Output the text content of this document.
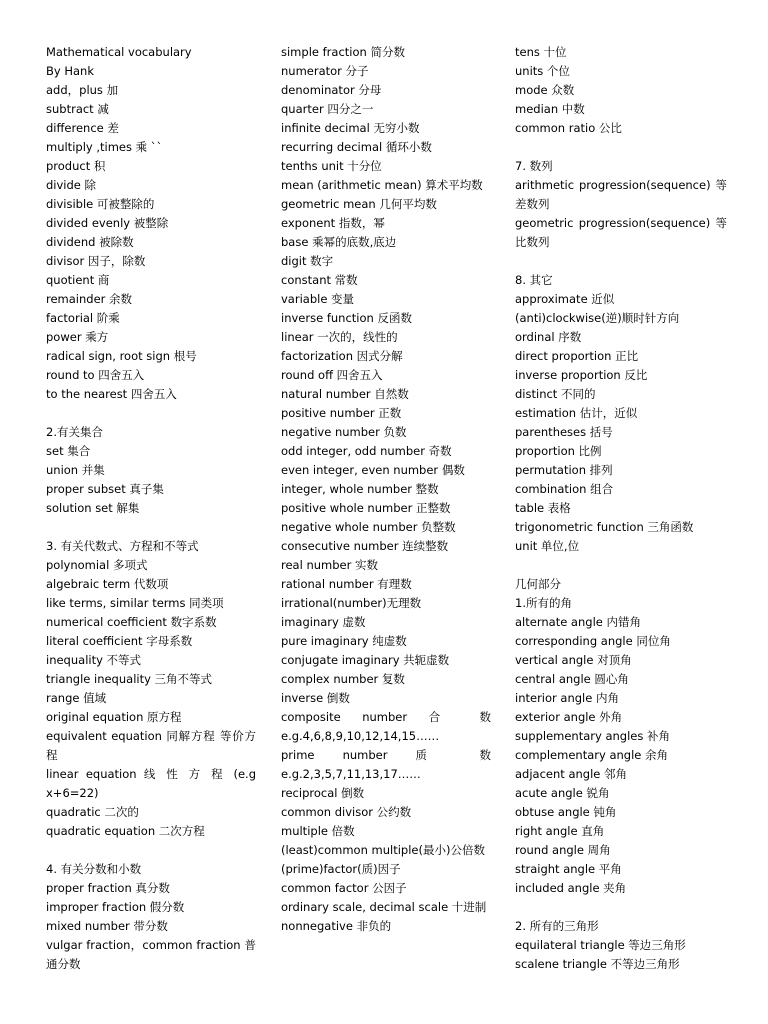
Mathematical vocabulary
By Hank
add，plus 加
subtract 减
difference 差
multiply ,times 乘 ``
product 积
divide 除
divisible 可被整除的
divided evenly 被整除
dividend 被除数
divisor 因子，除数
quotient 商
remainder 余数
factorial 阶乘
power 乘方
radical sign, root sign 根号
round to 四舍五入
to the nearest 四舍五入
2.有关集合
set 集合
union 并集
proper subset 真子集
solution set 解集
3. 有关代数式、方程和不等式
polynomial 多项式
algebraic term 代数项
like terms, similar terms 同类项
numerical coefficient 数字系数
literal coefficient 字母系数
inequality 不等式
triangle inequality 三角不等式
range 值域
original equation 原方程
equivalent equation 同解方程 等价方程
linear equation 线 性 方 程 (e.g x+6=22)
quadratic 二次的
quadratic equation 二次方程
4. 有关分数和小数
proper fraction 真分数
improper fraction 假分数
mixed number 带分数
vulgar fraction，common fraction 普通分数
simple fraction 简分数
numerator 分子
denominator 分母
quarter 四分之一
infinite decimal 无穷小数
recurring decimal 循环小数
tenths unit 十分位
mean (arithmetic mean) 算术平均数
geometric mean 几何平均数
exponent 指数，幂
base 乘幂的底数,底边
digit 数字
constant 常数
variable 变量
inverse function 反函数
linear 一次的，线性的
factorization 因式分解
round off 四舍五入
natural number 自然数
positive number 正数
negative number 负数
odd integer, odd number 奇数
even integer, even number 偶数
integer, whole number 整数
positive whole number 正整数
negative whole number 负整数
consecutive number 连续整数
real number 实数
rational number 有理数
irrational(number)无理数
imaginary 虚数
pure imaginary 纯虚数
conjugate imaginary 共轭虚数
complex number 复数
inverse 倒数
composite number 合 数 e.g.4,6,8,9,10,12,14,15……
prime number 质 数 e.g.2,3,5,7,11,13,17……
reciprocal 倒数
common divisor 公约数
multiple 倍数
(least)common multiple(最小)公倍数
(prime)factor(质)因子
common factor 公因子
ordinary scale, decimal scale 十进制
nonnegative 非负的
tens 十位
units 个位
mode 众数
median 中数
common ratio 公比
7. 数列
arithmetic progression(sequence) 等差数列
geometric progression(sequence) 等比数列
8. 其它
approximate 近似
(anti)clockwise(逆)顺时针方向
ordinal 序数
direct proportion 正比
inverse proportion 反比
distinct 不同的
estimation 估计，近似
parentheses 括号
proportion 比例
permutation 排列
combination 组合
table 表格
trigonometric function 三角函数
unit 单位,位
几何部分
1.所有的角
alternate angle 内错角
corresponding angle 同位角
vertical angle 对顶角
central angle 圆心角
interior angle 内角
exterior angle 外角
supplementary angles 补角
complementary angle 余角
adjacent angle 邻角
acute angle 锐角
obtuse angle 钝角
right angle 直角
round angle 周角
straight angle 平角
included angle 夹角
2. 所有的三角形
equilateral triangle 等边三角形
scalene triangle 不等边三角形
